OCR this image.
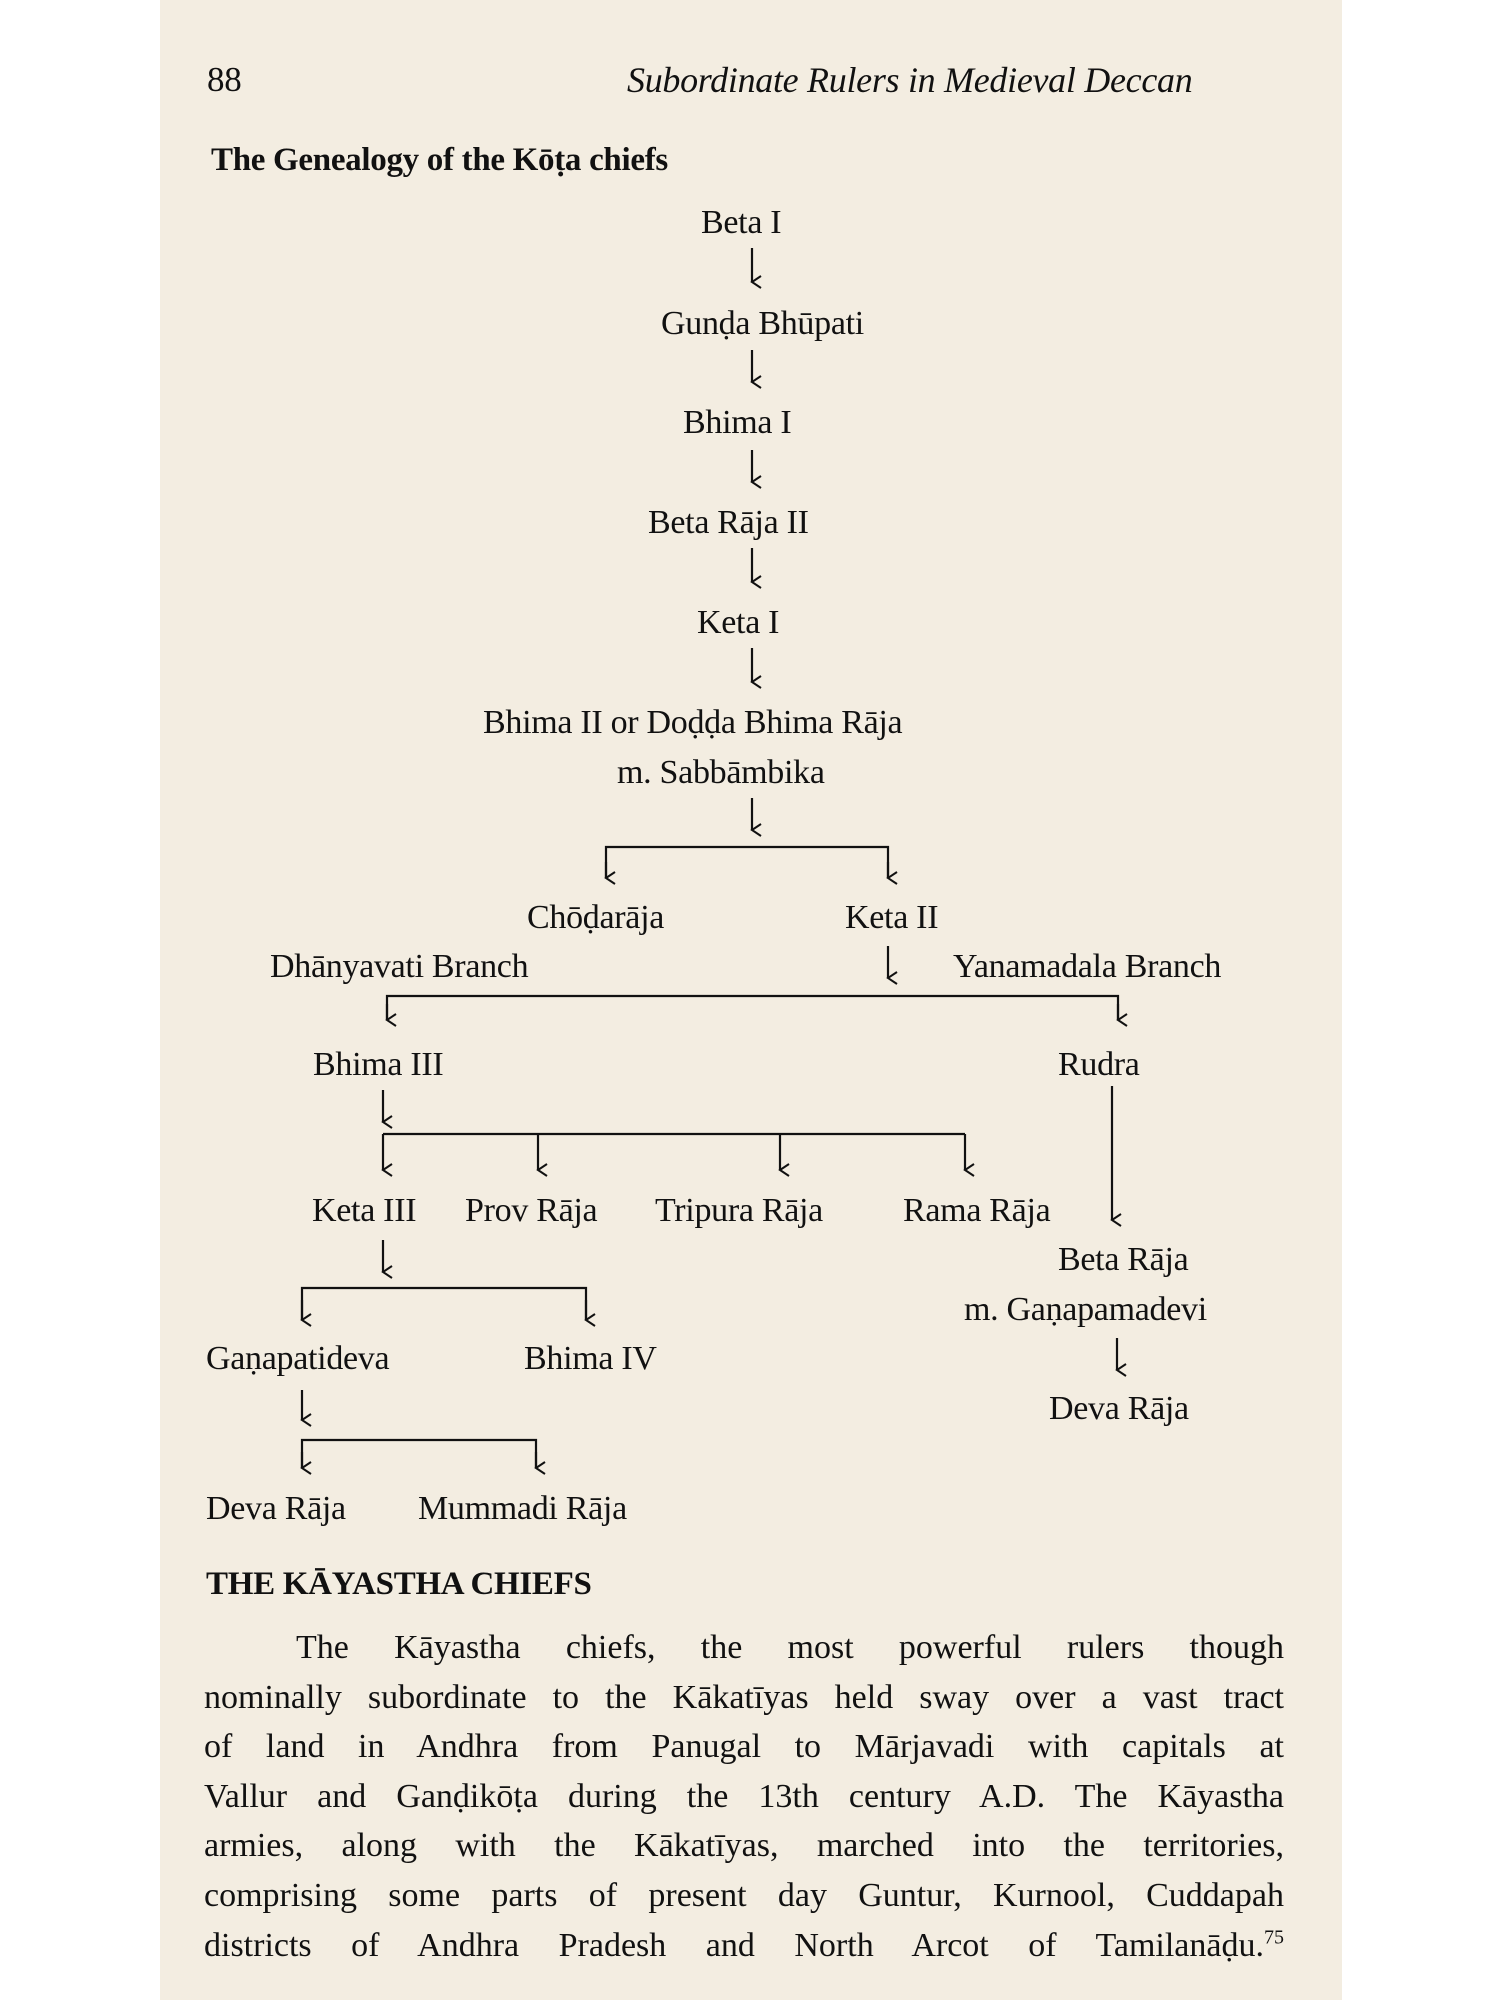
88	Subordinate Rulers in Medieval Deccan
The Genealogy of the Kōṭa chiefs
Beta I
Gunḍa Bhūpati
Bhima I
Beta Rāja II
Keta I
Bhima II or Doḍḍa Bhima Rāja
m. Sabbāmbika
Chōḍarāja	Keta II
Dhānyavati Branch	Yanamadala Branch
Bhima III	Rudra
Keta III Prov Rāja Tripura Rāja Rama Rāja
Beta Rāja
m. Gaṇapamadevi
Gaṇapatideva	Bhima IV
Deva Rāja
Deva Rāja Mummadi Rāja
THE KĀYASTHA CHIEFS
The Kāyastha chiefs, the most powerful rulers though
nominally subordinate to the Kākatīyas held sway over a vast tract
of land in Andhra from Panugal to Mārjavadi with capitals at
Vallur and Ganḍikōṭa during the 13th century A.D. The Kāyastha
armies, along with the Kākatīyas, marched into the territories,
comprising some parts of present day Guntur, Kurnool, Cuddapah
districts of Andhra Pradesh and North Arcot of Tamilanāḍu.$^{75}$
